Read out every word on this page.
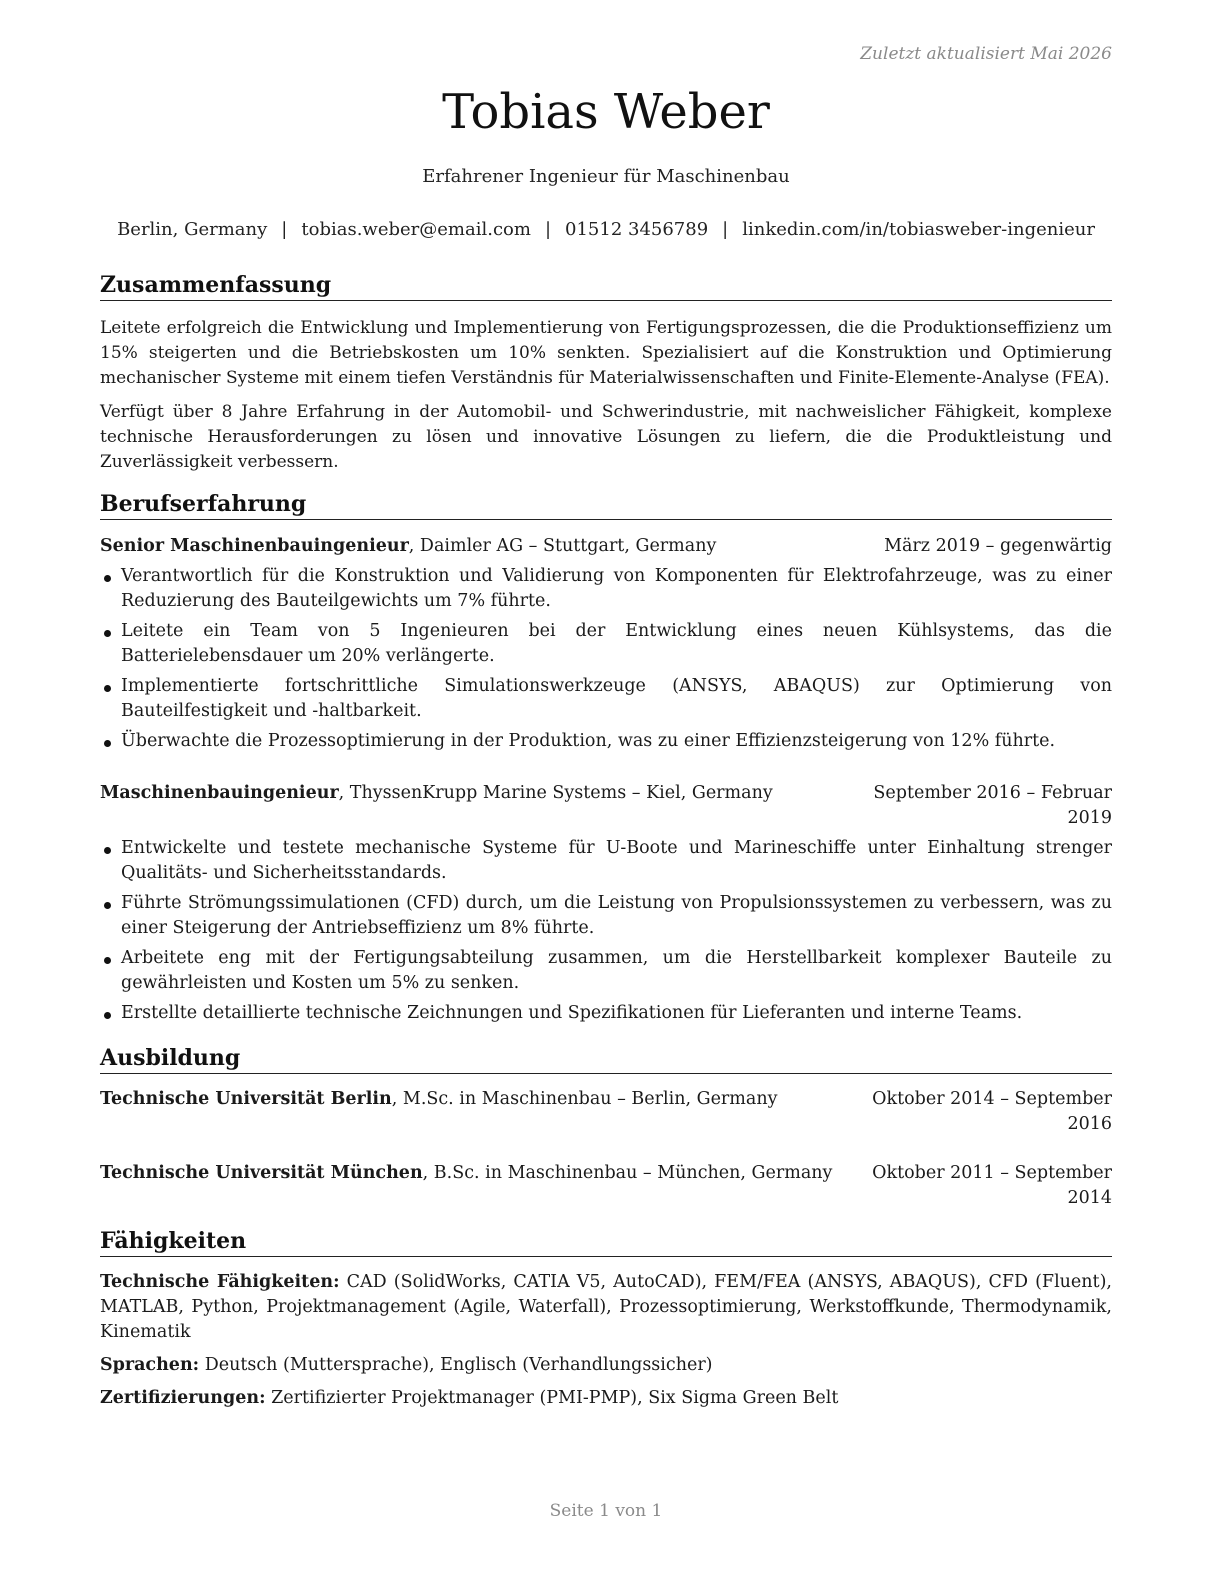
Zuletzt aktualisiert Mai 2026
Tobias Weber
Erfahrener Ingenieur für Maschinenbau
Berlin, Germany | tobias.weber@email.com | 01512 3456789 | linkedin.com/in/tobiasweber-ingenieur
Zusammenfassung

Leitete erfolgreich die Entwicklung und Implementierung von Fertigungsprozessen, die die Produktionseffizienz um 15% steigerten und die Betriebskosten um 10% senkten. Spezialisiert auf die Konstruktion und Optimierung mechanischer Systeme mit einem tiefen Verständnis für Materialwissenschaften und Finite-Elemente-Analyse (FEA).

Verfügt über 8 Jahre Erfahrung in der Automobil- und Schwerindustrie, mit nachweislicher Fähigkeit, komplexe technische Herausforderungen zu lösen und innovative Lösungen zu liefern, die die Produktleistung und Zuverlässigkeit verbessern.

Berufserfahrung
Senior Maschinenbauingenieur, Daimler AG – Stuttgart, Germany	März 2019 – gegenwärtig
Verantwortlich für die Konstruktion und Validierung von Komponenten für Elektrofahrzeuge, was zu einer Reduzierung des Bauteilgewichts um 7% führte.
Leitete ein Team von 5 Ingenieuren bei der Entwicklung eines neuen Kühlsystems, das die Batterielebensdauer um 20% verlängerte.
Implementierte fortschrittliche Simulationswerkzeuge (ANSYS, ABAQUS) zur Optimierung von Bauteilfestigkeit und -haltbarkeit.
Überwachte die Prozessoptimierung in der Produktion, was zu einer Effizienzsteigerung von 12% führte.
Maschinenbauingenieur, ThyssenKrupp Marine Systems – Kiel, Germany	September 2016 – Februar 2019
Entwickelte und testete mechanische Systeme für U-Boote und Marineschiffe unter Einhaltung strenger Qualitäts- und Sicherheitsstandards.
Führte Strömungssimulationen (CFD) durch, um die Leistung von Propulsionssystemen zu verbessern, was zu einer Steigerung der Antriebseffizienz um 8% führte.
Arbeitete eng mit der Fertigungsabteilung zusammen, um die Herstellbarkeit komplexer Bauteile zu gewährleisten und Kosten um 5% zu senken.
Erstellte detaillierte technische Zeichnungen und Spezifikationen für Lieferanten und interne Teams.
Ausbildung
Technische Universität Berlin, M.Sc. in Maschinenbau – Berlin, Germany	Oktober 2014 – September 2016
Technische Universität München, B.Sc. in Maschinenbau – München, Germany Oktober 2011 – September 2014
Fähigkeiten
Technische Fähigkeiten: CAD (SolidWorks, CATIA V5, AutoCAD), FEM/FEA (ANSYS, ABAQUS), CFD (Fluent), MATLAB, Python, Projektmanagement (Agile, Waterfall), Prozessoptimierung, Werkstoffkunde, Thermodynamik, Kinematik
Sprachen: Deutsch (Muttersprache), Englisch (Verhandlungssicher)
Zertifizierungen: Zertifizierter Projektmanager (PMI-PMP), Six Sigma Green Belt
Seite 1 von 1
